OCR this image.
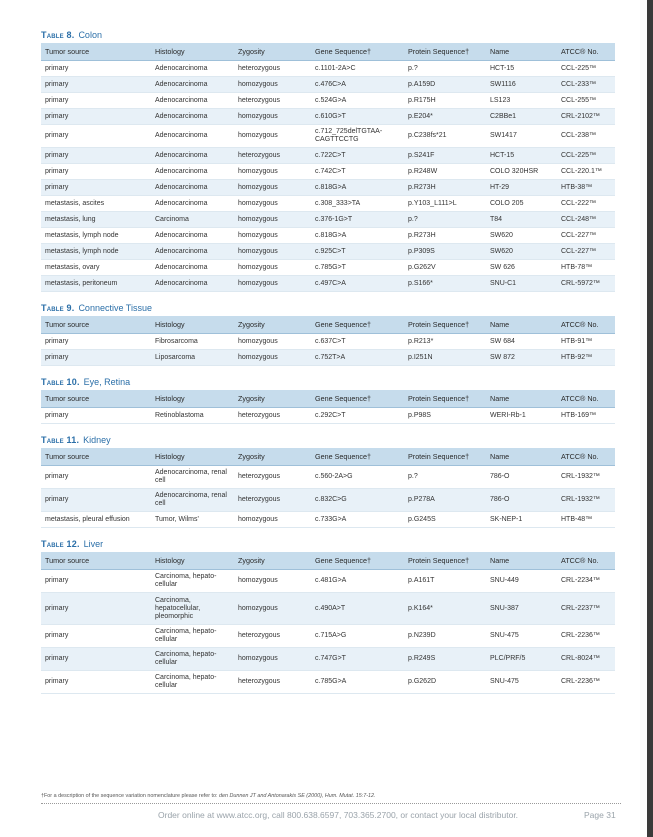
Table 8. Colon
Tumor source	Histology	Zygosity	Gene Sequence†	Protein Sequence†	Name	ATCC® No.
primary	Adenocarcinoma	heterozygous	c.1101-2A>C	p.?	HCT-15	CCL-225™
primary	Adenocarcinoma	homozygous	c.476C>A	p.A159D	SW1116	CCL-233™
primary	Adenocarcinoma	heterozygous	c.524G>A	p.R175H	LS123	CCL-255™
primary	Adenocarcinoma	homozygous	c.610G>T	p.E204*	C2BBe1	CRL-2102™
primary	Adenocarcinoma	homozygous	c.712_725delTGTAA-CAGTTCCTG	p.C238fs*21	SW1417	CCL-238™
primary	Adenocarcinoma	heterozygous	c.722C>T	p.S241F	HCT-15	CCL-225™
primary	Adenocarcinoma	homozygous	c.742C>T	p.R248W	COLO 320HSR	CCL-220.1™
primary	Adenocarcinoma	homozygous	c.818G>A	p.R273H	HT-29	HTB-38™
metastasis, ascites	Adenocarcinoma	homozygous	c.308_333>TA	p.Y103_L111>L	COLO 205	CCL-222™
metastasis, lung	Carcinoma	homozygous	c.376-1G>T	p.?	T84	CCL-248™
metastasis, lymph node	Adenocarcinoma	homozygous	c.818G>A	p.R273H	SW620	CCL-227™
metastasis, lymph node	Adenocarcinoma	homozygous	c.925C>T	p.P309S	SW620	CCL-227™
metastasis, ovary	Adenocarcinoma	homozygous	c.785G>T	p.G262V	SW 626	HTB-78™
metastasis, peritoneum	Adenocarcinoma	homozygous	c.497C>A	p.S166*	SNU-C1	CRL-5972™
Table 9. Connective Tissue
Tumor source	Histology	Zygosity	Gene Sequence†	Protein Sequence†	Name	ATCC® No.
primary	Fibrosarcoma	homozygous	c.637C>T	p.R213*	SW 684	HTB-91™
primary	Liposarcoma	homozygous	c.752T>A	p.I251N	SW 872	HTB-92™
Table 10. Eye, Retina
Tumor source	Histology	Zygosity	Gene Sequence†	Protein Sequence†	Name	ATCC® No.
primary	Retinoblastoma	heterozygous	c.292C>T	p.P98S	WERI-Rb-1	HTB-169™
Table 11. Kidney
Tumor source	Histology	Zygosity	Gene Sequence†	Protein Sequence†	Name	ATCC® No.
primary	Adenocarcinoma, renal cell	heterozygous	c.560-2A>G	p.?	786-O	CRL-1932™
primary	Adenocarcinoma, renal cell	heterozygous	c.832C>G	p.P278A	786-O	CRL-1932™
metastasis, pleural effusion	Tumor, Wilms'	homozygous	c.733G>A	p.G245S	SK-NEP-1	HTB-48™
Table 12. Liver
Tumor source	Histology	Zygosity	Gene Sequence†	Protein Sequence†	Name	ATCC® No.
primary	Carcinoma, hepato-cellular	homozygous	c.481G>A	p.A161T	SNU-449	CRL-2234™
primary	Carcinoma, hepatocellular, pleomorphic	homozygous	c.490A>T	p.K164*	SNU-387	CRL-2237™
primary	Carcinoma, hepato-cellular	heterozygous	c.715A>G	p.N239D	SNU-475	CRL-2236™
primary	Carcinoma, hepato-cellular	homozygous	c.747G>T	p.R249S	PLC/PRF/5	CRL-8024™
primary	Carcinoma, hepato-cellular	heterozygous	c.785G>A	p.G262D	SNU-475	CRL-2236™
†For a description of the sequence variation nomenclature please refer to: den Dunnen JT and Antonarakis SE (2000), Hum. Mutat. 15:7-12.
Order online at www.atcc.org, call 800.638.6597, 703.365.2700, or contact your local distributor.	Page 31
